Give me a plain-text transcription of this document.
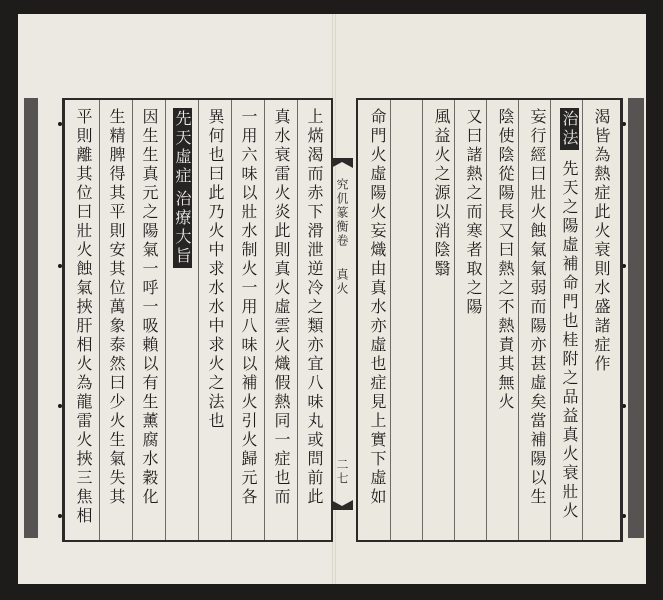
上焫渴而赤下滑泄逆冷之類亦宜八味丸或問前此
真水衰雷火炎此則真火虛雲火熾假熱同一症也而
一用六味以壯水制火一用八味以補火引火歸元各
異何也曰此乃火中求水水中求火之法也
先天虛症治療大旨
因生生真元之陽氣一呼一吸賴以有生薰腐水穀化
生精脾得其平則安其位萬象泰然曰少火生氣失其
平則離其位曰壯火蝕氣挾肝相火為龍雷火挾三焦相	究仉篆衡卷
真火
二七
渴皆為熱症此火衰則水盛諸症作
治法
先天之陽虛補命門也桂附之品益真火衰壯火
妄行經曰壯火蝕氣氣弱而陽亦甚虛矣當補陽以生
陰使陰從陽長又曰熱之不熱責其無火
又曰諸熱之而寒者取之陽
風益火之源以消陰翳
命門火虛陽火妄熾由真水亦虛也症見上實下虛如
